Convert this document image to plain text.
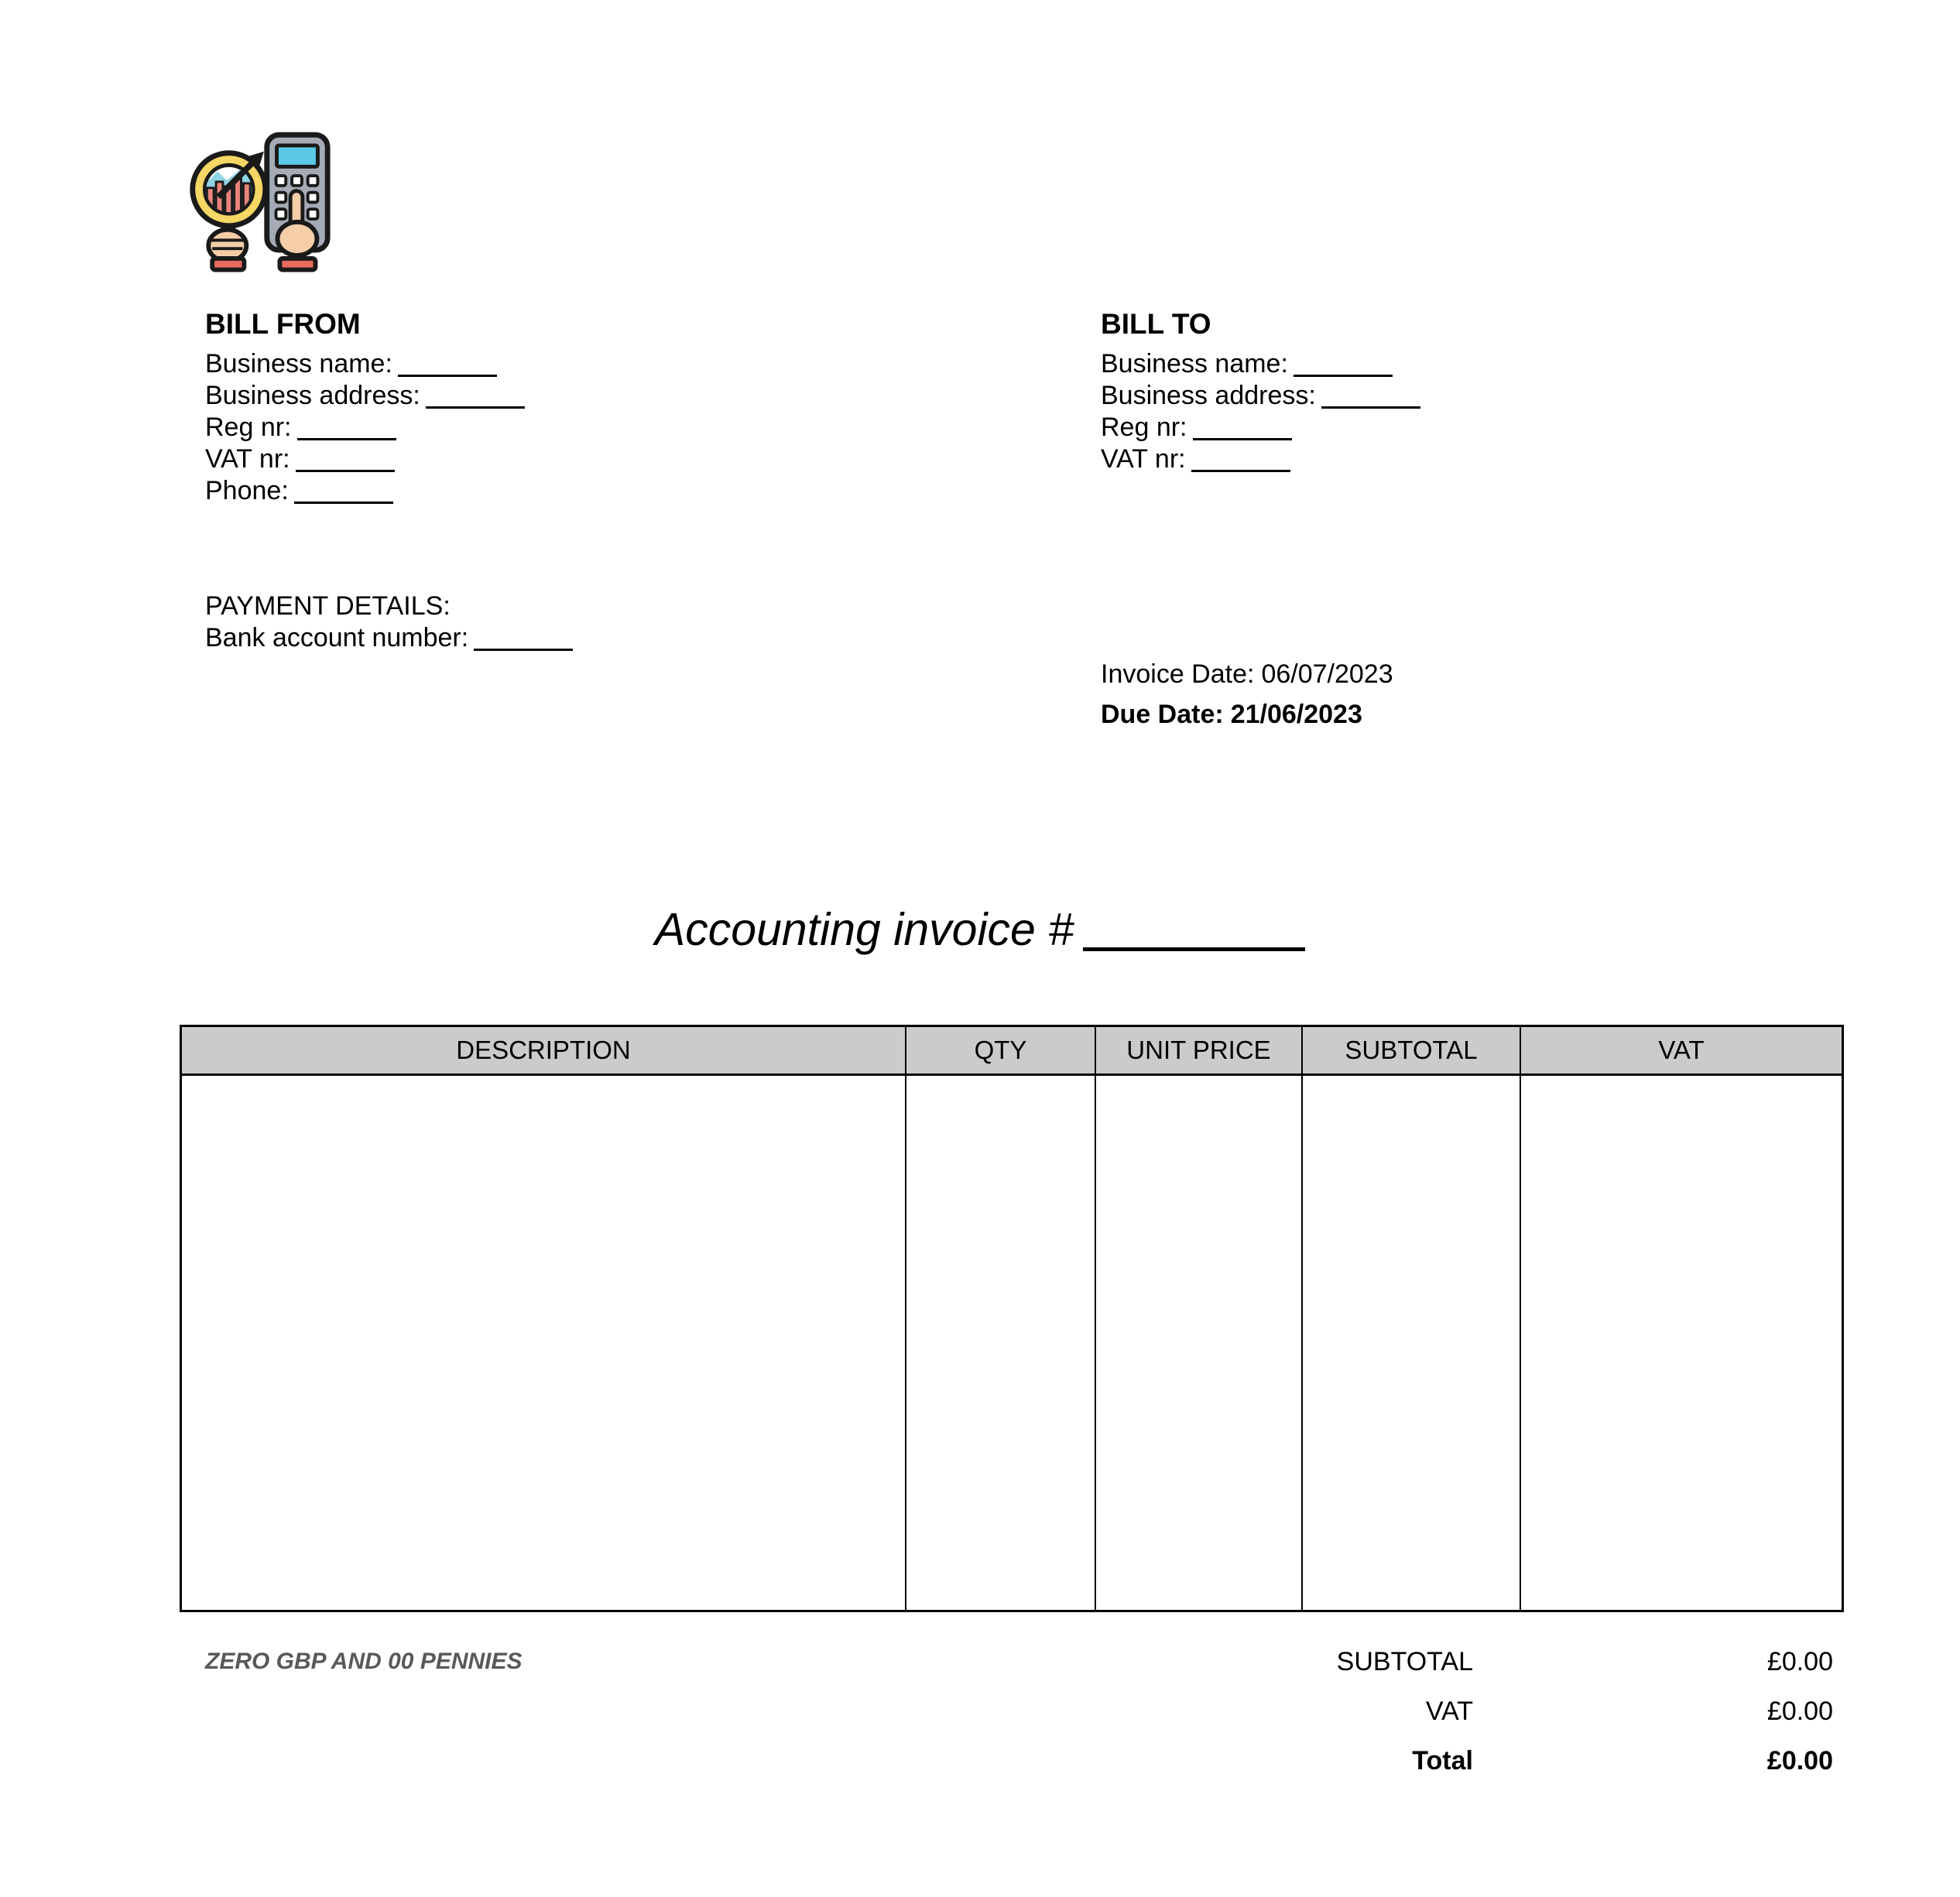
BILL FROM
Business name:
Business address:
Reg nr:
VAT nr:
Phone:
BILL TO
Business name:
Business address:
Reg nr:
VAT nr:
PAYMENT DETAILS:
Bank account number:
Invoice Date: 06/07/2023
Due Date: 21/06/2023
Accounting invoice #
DESCRIPTION	QTY	UNIT PRICE	SUBTOTAL	VAT
ZERO GBP AND 00 PENNIES	SUBTOTAL	£0.00
VAT	£0.00
Total	£0.00
